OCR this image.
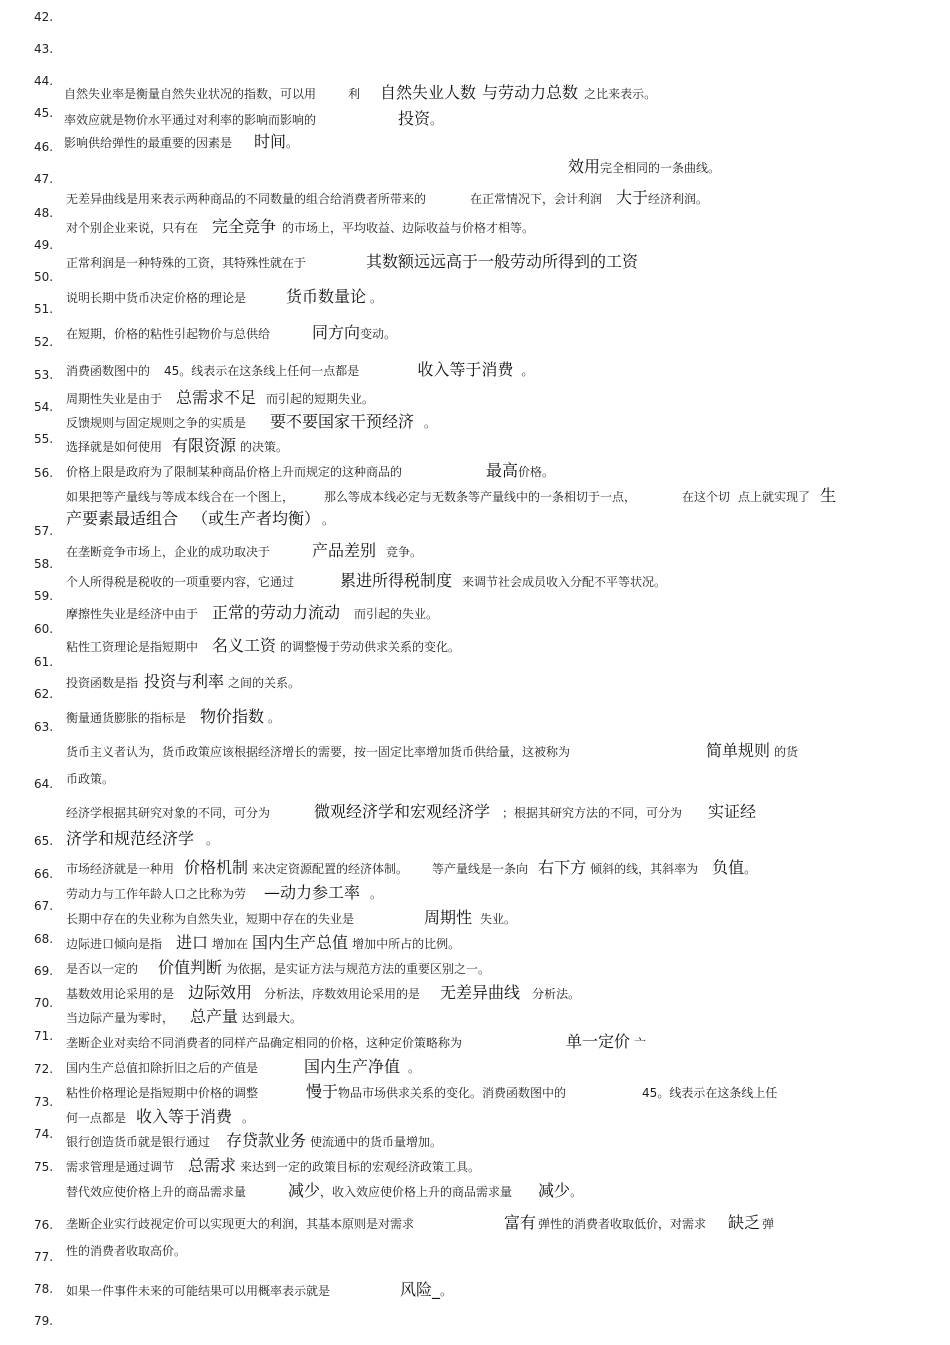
42.
43.
44.
45.
46.
47.
48.
49.
50.
51.
52.
53.
54.
55.
56.
57.
58.
59.
60.
61.
62.
63.
64.
65.
66.
67.
68.
69.
70.
71.
72.
73.
74.
75.
76.
77.
78.
79.
自然失业率是衡量自然失业状况的指数，可以用	利 自然失业人数 与劳动力总数 之比来表示。
率效应就是物价水平通过对利率的影响而影响的	投资。
影响供给弹性的最重要的因素是 时间。
效用完全相同的一条曲线。
无差异曲线是用来表示两种商品的不同数量的组合给消费者所带来的	在正常情况下，会计利润 大于经济利润。
对个别企业来说，只有在 完全竞争 的市场上，平均收益、边际收益与价格才相等。
正常利润是一种特殊的工资，其特殊性就在于	其数额远远高于一般劳动所得到的工资
说明长期中货币决定价格的理论是	货币数量论 。
在短期，价格的粘性引起物价与总供给	同方向变动。
消费函数图中的 45。线表示在这条线上任何一点都是	收入等于消费 。
周期性失业是由于 总需求不足 而引起的短期失业。
反馈规则与固定规则之争的实质是 要不要国家干预经济 。
选择就是如何使用 有限资源 的决策。
价格上限是政府为了限制某种商品价格上升而规定的这种商品的	最高价格。
如果把等产量线与等成本线合在一个图上，	那么等成本线必定与无数条等产量线中的一条相切于一点，	在这个切 点上就实现了 生
产要素最适组合 （或生产者均衡） 。
在垄断竞争市场上，企业的成功取决于	产品差别 竞争。
个人所得税是税收的一项重要内容，它通过	累进所得税制度 来调节社会成员收入分配不平等状况。
摩擦性失业是经济中由于 正常的劳动力流动 而引起的失业。
粘性工资理论是指短期中 名义工资 的调整慢于劳动供求关系的变化。
投资函数是指 投资与利率 之间的关系。
衡量通货膨胀的指标是 物价指数 。
货币主义者认为，货币政策应该根据经济增长的需要，按一固定比率增加货币供给量，这被称为	简单规则 的货
币政策。
经济学根据其研究对象的不同，可分为	微观经济学和宏观经济学 ；根据其研究方法的不同，可分为 实证经
济学和规范经济学 。
市场经济就是一种用 价格机制 来决定资源配置的经济体制。 等产量线是一条向 右下方 倾斜的线，其斜率为 负值。
劳动力与工作年龄人口之比称为劳 —动力参工率 。
长期中存在的失业称为自然失业，短期中存在的失业是	周期性 失业。
边际进口倾向是指 进口 增加在 国内生产总值 增加中所占的比例。
是否以一定的 价值判断 为依据，是实证方法与规范方法的重要区别之一。
基数效用论采用的是 边际效用 分析法，序数效用论采用的是 无差异曲线 分析法。
当边际产量为零时， 总产量 达到最大。
垄断企业对卖给不同消费者的同样产品确定相同的价格，这种定价策略称为	单一定价 亠
国内生产总值扣除折旧之后的产值是	国内生产净值 。
粘性价格理论是指短期中价格的调整	慢于物品市场供求关系的变化。消费函数图中的	45。线表示在这条线上任
何一点都是 收入等于消费 。
银行创造货币就是银行通过 存贷款业务 使流通中的货币量增加。
需求管理是通过调节 总需求 来达到一定的政策目标的宏观经济政策工具。
替代效应使价格上升的商品需求量	减少，收入效应使价格上升的商品需求量 减少。
垄断企业实行歧视定价可以实现更大的利润，其基本原则是对需求	富有 弹性的消费者收取低价，对需求 缺乏 弹
性的消费者收取高价。
如果一件事件未来的可能结果可以用概率表示就是	风险_。
